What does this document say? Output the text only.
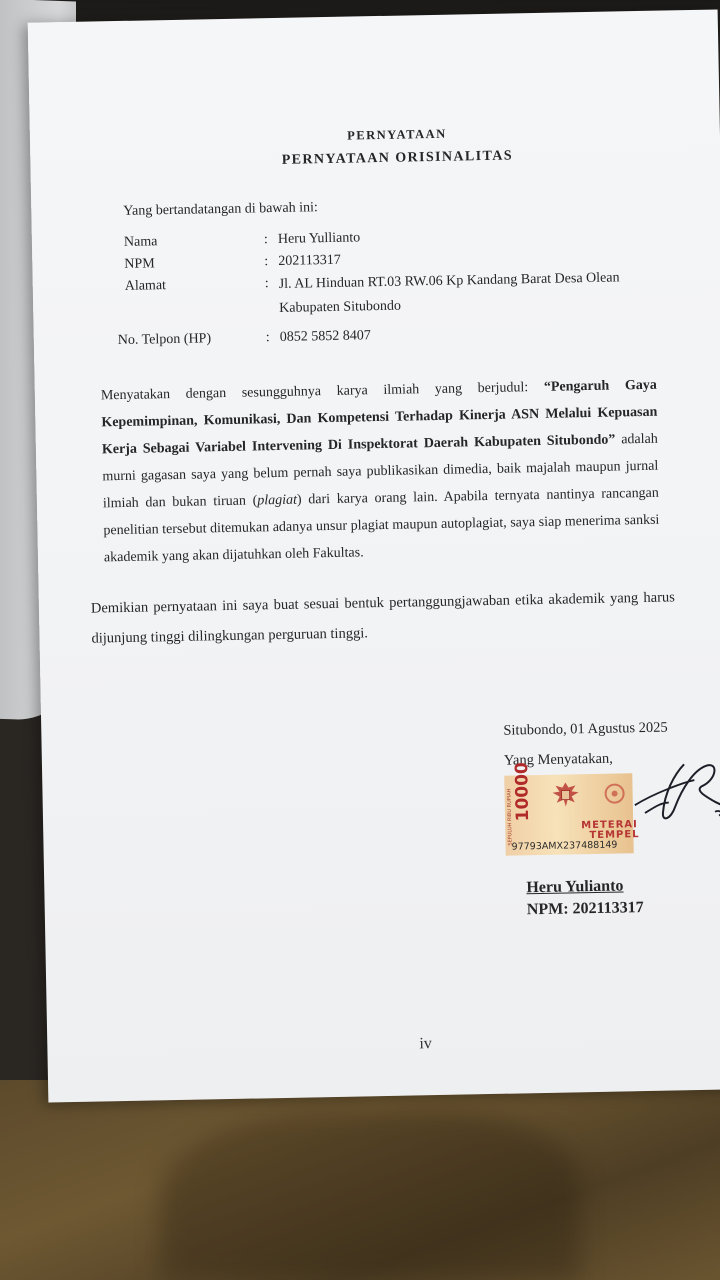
PERNYATAAN
PERNYATAAN ORISINALITAS
Yang bertandatangan di bawah ini:
Nama	: Heru Yullianto
NPM	: 202113317
Alamat	: Jl. AL Hinduan RT.03 RW.06 Kp Kandang Barat Desa Olean Kabupaten Situbondo
No. Telpon (HP)	: 0852 5852 8407
Menyatakan dengan sesungguhnya karya ilmiah yang berjudul: “Pengaruh Gaya Kepemimpinan, Komunikasi, Dan Kompetensi Terhadap Kinerja ASN Melalui Kepuasan Kerja Sebagai Variabel Intervening Di Inspektorat Daerah Kabupaten Situbondo” adalah murni gagasan saya yang belum pernah saya publikasikan dimedia, baik majalah maupun jurnal ilmiah dan bukan tiruan (plagiat) dari karya orang lain. Apabila ternyata nantinya rancangan penelitian tersebut ditemukan adanya unsur plagiat maupun autoplagiat, saya siap menerima sanksi akademik yang akan dijatuhkan oleh Fakultas.
Demikian pernyataan ini saya buat sesuai bentuk pertanggungjawaban etika akademik yang harus dijunjung tinggi dilingkungan perguruan tinggi.
Situbondo, 01 Agustus 2025
Yang Menyatakan,
10000
SEPULUH RIBU RUPIAH	METERAI
TEMPEL
97793AMX237488149
Heru Yulianto
NPM: 202113317
iv
